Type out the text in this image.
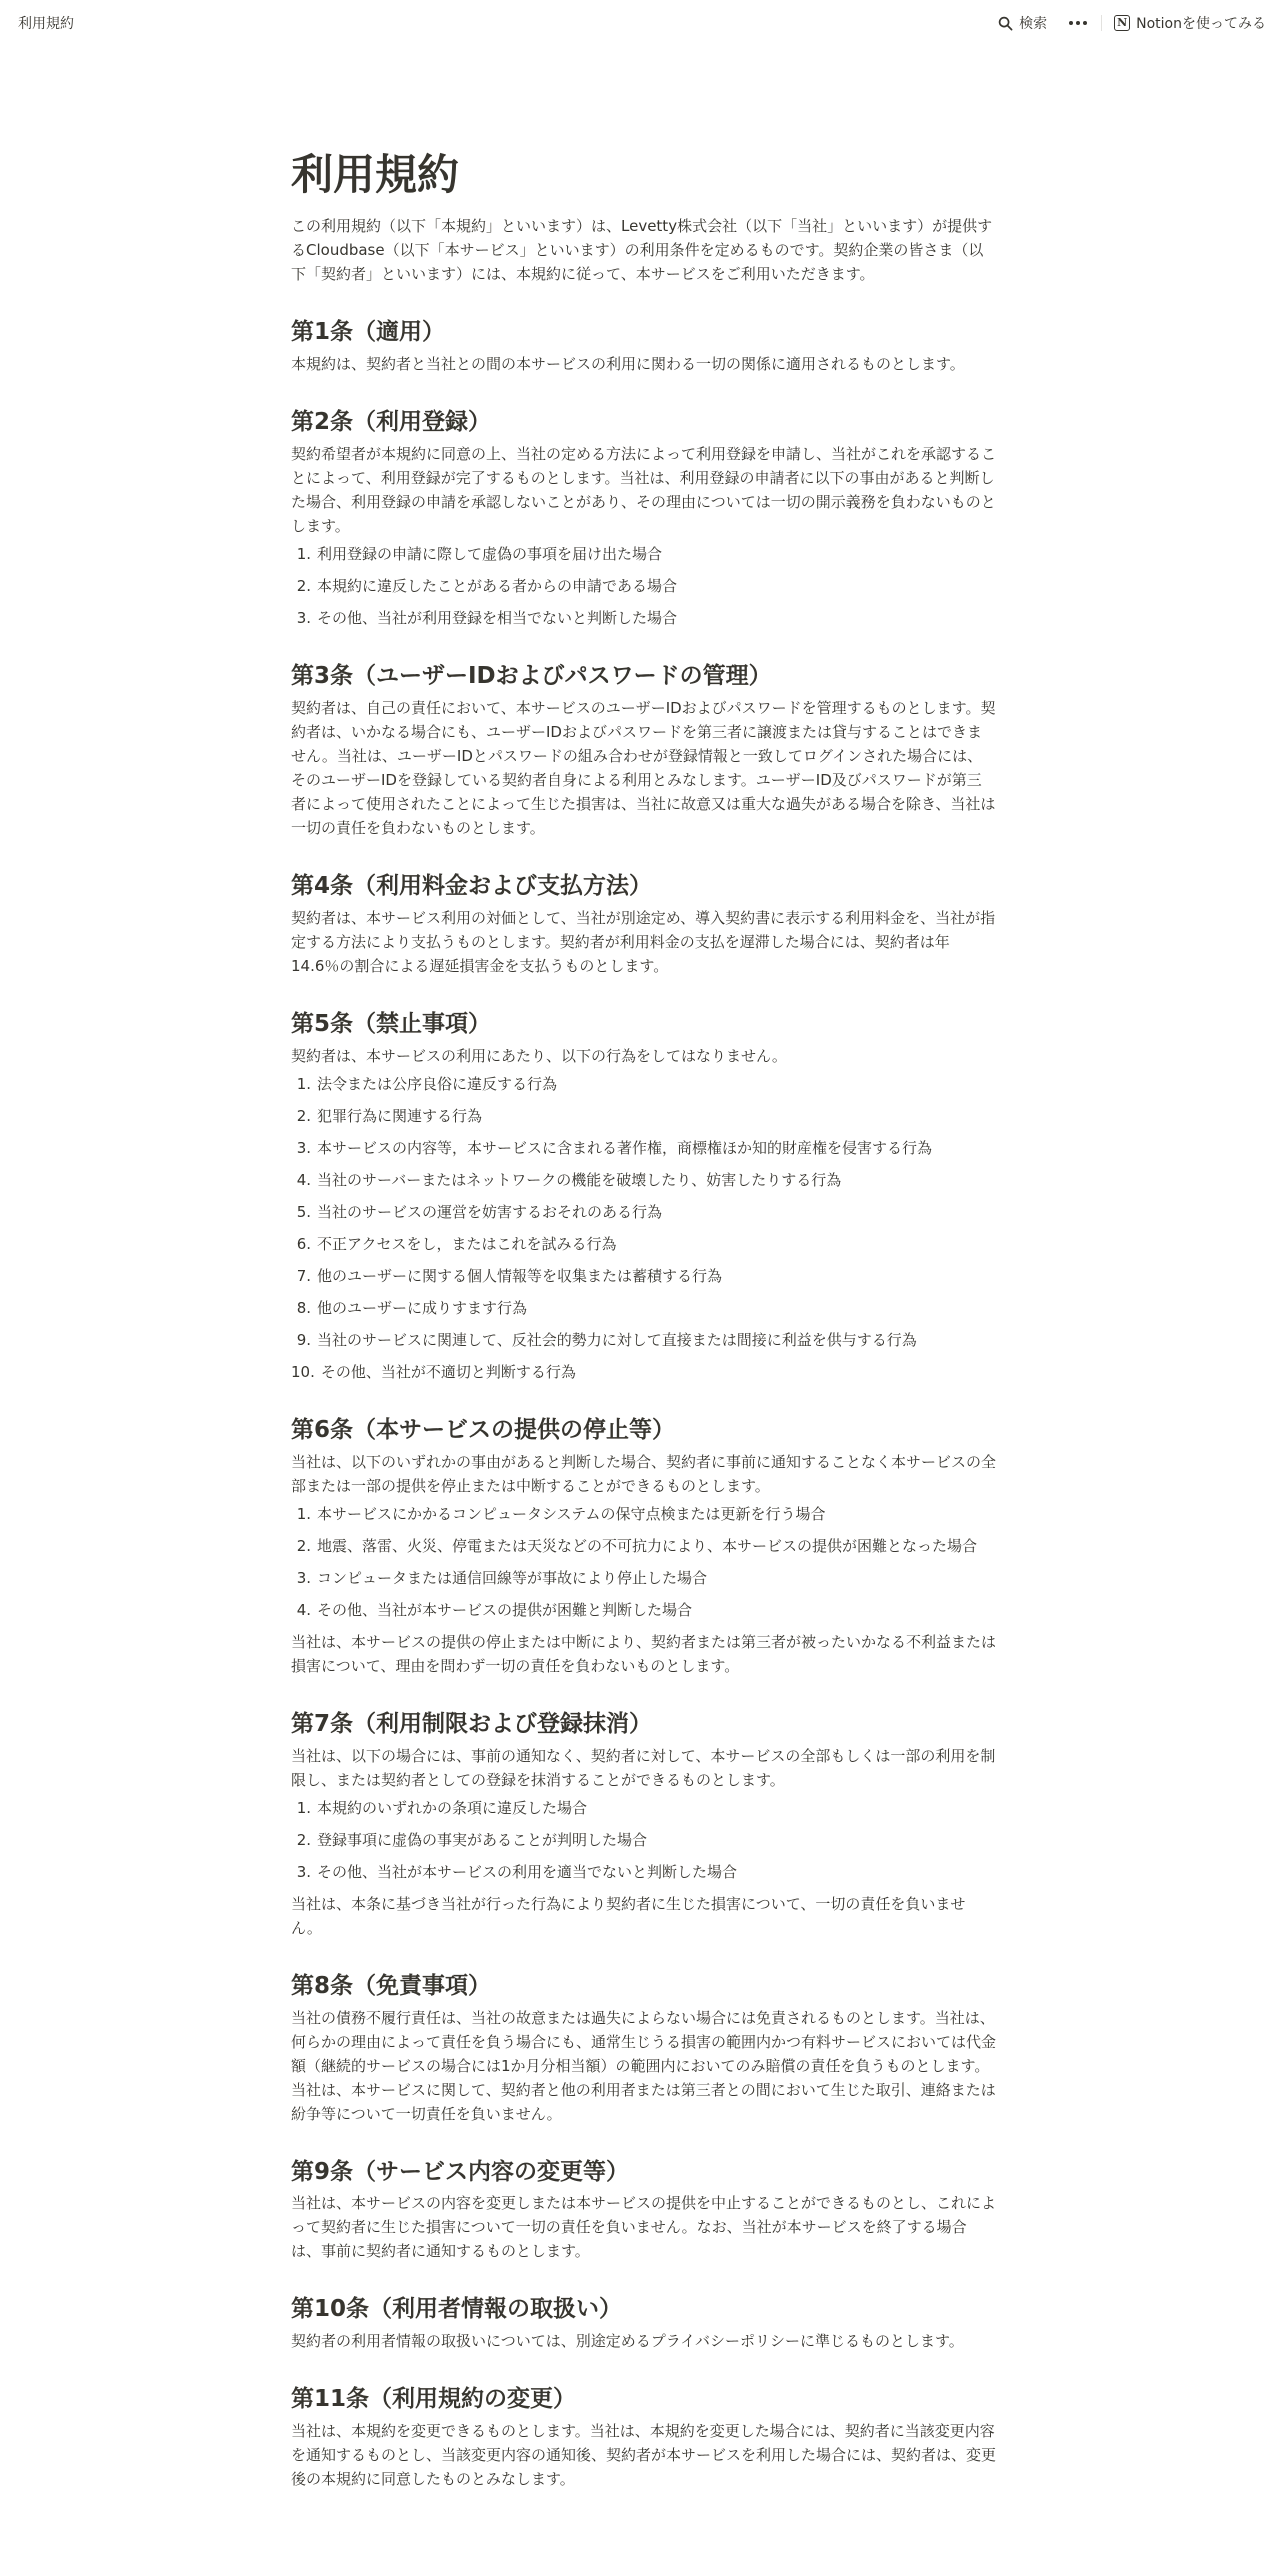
利用規約	検索	N Notionを使ってみる
利用規約

この利用規約（以下「本規約」といいます）は、Levetty株式会社（以下「当社」といいます）が提供するCloudbase（以下「本サービス」といいます）の利用条件を定めるものです。契約企業の皆さま（以下「契約者」といいます）には、本規約に従って、本サービスをご利用いただきます。

第1条（適用）

本規約は、契約者と当社との間の本サービスの利用に関わる一切の関係に適用されるものとします。

第2条（利用登録）

契約希望者が本規約に同意の上、当社の定める方法によって利用登録を申請し、当社がこれを承認することによって、利用登録が完了するものとします。当社は、利用登録の申請者に以下の事由があると判断した場合、利用登録の申請を承認しないことがあり、その理由については一切の開示義務を負わないものとします。

1. 利用登録の申請に際して虚偽の事項を届け出た場合
2. 本規約に違反したことがある者からの申請である場合
3. その他、当社が利用登録を相当でないと判断した場合
第3条（ユーザーIDおよびパスワードの管理）

契約者は、自己の責任において、本サービスのユーザーIDおよびパスワードを管理するものとします。契約者は、いかなる場合にも、ユーザーIDおよびパスワードを第三者に譲渡または貸与することはできません。当社は、ユーザーIDとパスワードの組み合わせが登録情報と一致してログインされた場合には、そのユーザーIDを登録している契約者自身による利用とみなします。ユーザーID及びパスワードが第三者によって使用されたことによって生じた損害は、当社に故意又は重大な過失がある場合を除き、当社は一切の責任を負わないものとします。

第4条（利用料金および支払方法）

契約者は、本サービス利用の対価として、当社が別途定め、導入契約書に表示する利用料金を、当社が指定する方法により支払うものとします。契約者が利用料金の支払を遅滞した場合には、契約者は年14.6％の割合による遅延損害金を支払うものとします。

第5条（禁止事項）

契約者は、本サービスの利用にあたり、以下の行為をしてはなりません。

1. 法令または公序良俗に違反する行為
2. 犯罪行為に関連する行為
3. 本サービスの内容等，本サービスに含まれる著作権，商標権ほか知的財産権を侵害する行為
4. 当社のサーバーまたはネットワークの機能を破壊したり、妨害したりする行為
5. 当社のサービスの運営を妨害するおそれのある行為
6. 不正アクセスをし，またはこれを試みる行為
7. 他のユーザーに関する個人情報等を収集または蓄積する行為
8. 他のユーザーに成りすます行為
9. 当社のサービスに関連して、反社会的勢力に対して直接または間接に利益を供与する行為
10. その他、当社が不適切と判断する行為
第6条（本サービスの提供の停止等）

当社は、以下のいずれかの事由があると判断した場合、契約者に事前に通知することなく本サービスの全部または一部の提供を停止または中断することができるものとします。

1. 本サービスにかかるコンピュータシステムの保守点検または更新を行う場合
2. 地震、落雷、火災、停電または天災などの不可抗力により、本サービスの提供が困難となった場合
3. コンピュータまたは通信回線等が事故により停止した場合
4. その他、当社が本サービスの提供が困難と判断した場合

当社は、本サービスの提供の停止または中断により、契約者または第三者が被ったいかなる不利益または損害について、理由を問わず一切の責任を負わないものとします。

第7条（利用制限および登録抹消）

当社は、以下の場合には、事前の通知なく、契約者に対して、本サービスの全部もしくは一部の利用を制限し、または契約者としての登録を抹消することができるものとします。

1. 本規約のいずれかの条項に違反した場合
2. 登録事項に虚偽の事実があることが判明した場合
3. その他、当社が本サービスの利用を適当でないと判断した場合

当社は、本条に基づき当社が行った行為により契約者に生じた損害について、一切の責任を負いません。

第8条（免責事項）

当社の債務不履行責任は、当社の故意または過失によらない場合には免責されるものとします。当社は、何らかの理由によって責任を負う場合にも、通常生じうる損害の範囲内かつ有料サービスにおいては代金額（継続的サービスの場合には1か月分相当額）の範囲内においてのみ賠償の責任を負うものとします。当社は、本サービスに関して、契約者と他の利用者または第三者との間において生じた取引、連絡または紛争等について一切責任を負いません。

第9条（サービス内容の変更等）

当社は、本サービスの内容を変更しまたは本サービスの提供を中止することができるものとし、これによって契約者に生じた損害について一切の責任を負いません。なお、当社が本サービスを終了する場合は、事前に契約者に通知するものとします。

第10条（利用者情報の取扱い）

契約者の利用者情報の取扱いについては、別途定めるプライバシーポリシーに準じるものとします。

第11条（利用規約の変更）

当社は、本規約を変更できるものとします。当社は、本規約を変更した場合には、契約者に当該変更内容を通知するものとし、当該変更内容の通知後、契約者が本サービスを利用した場合には、契約者は、変更後の本規約に同意したものとみなします。
